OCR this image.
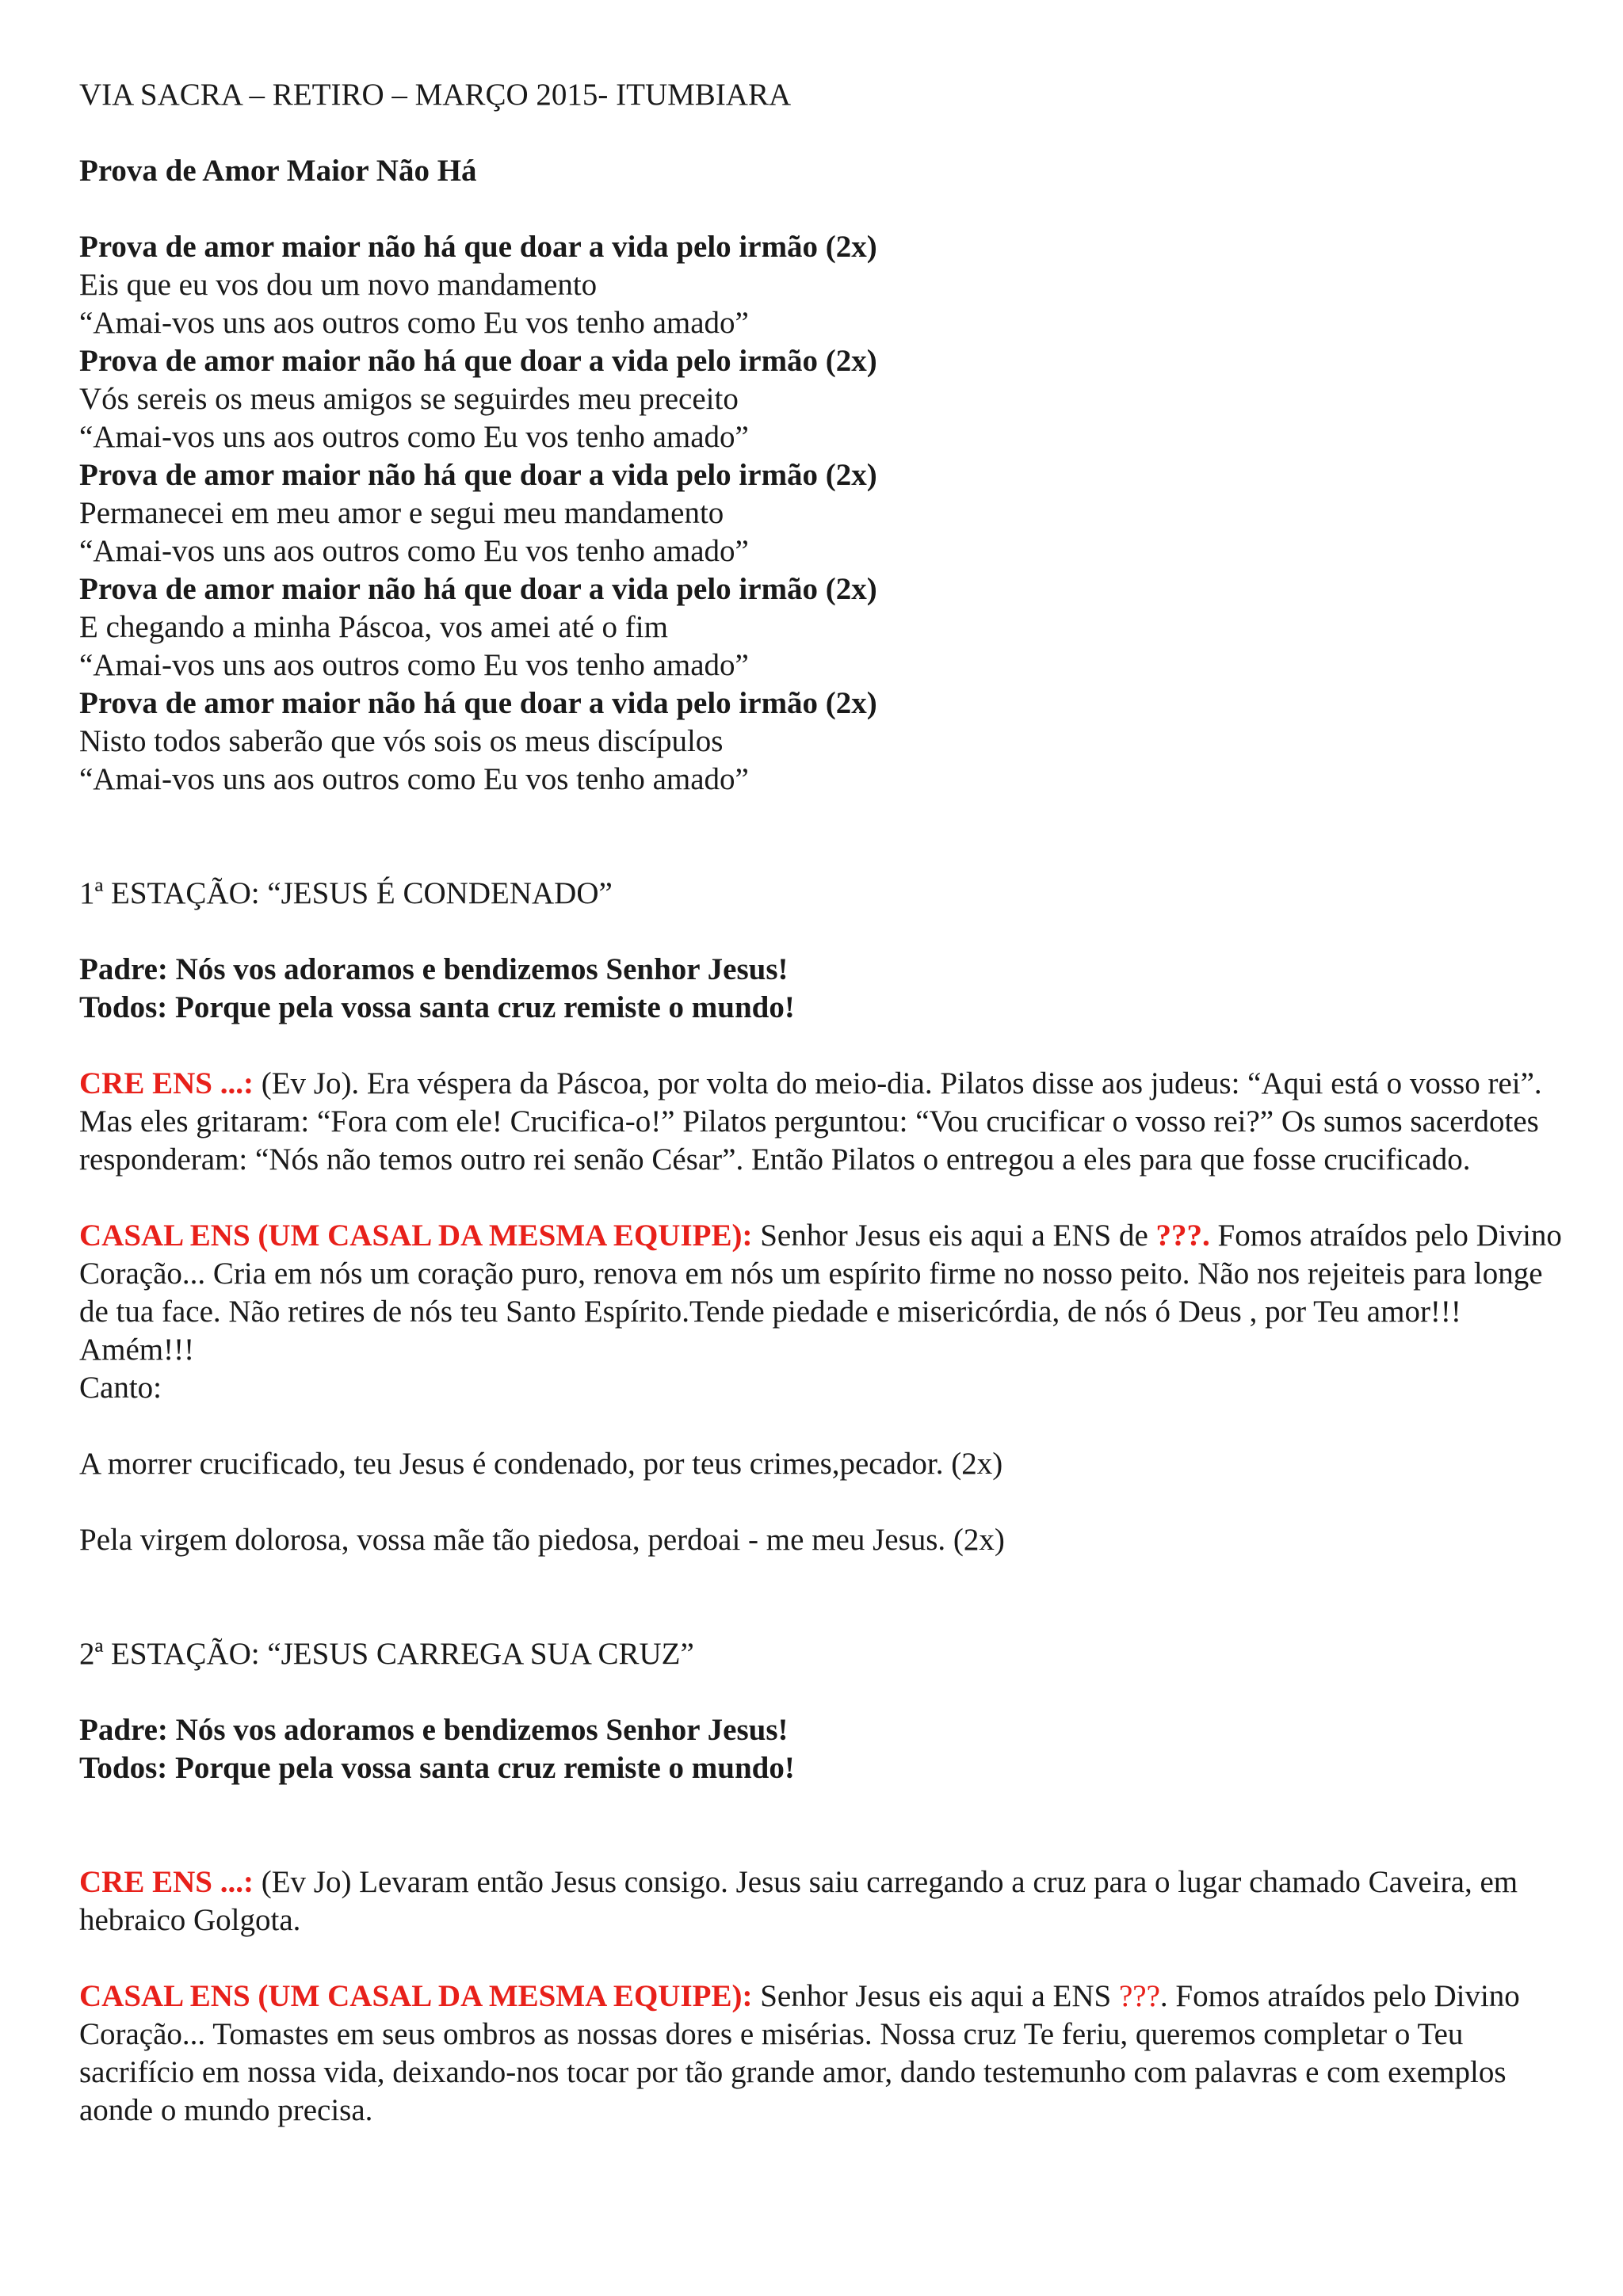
VIA SACRA – RETIRO – MARÇO 2015- ITUMBIARA
Prova de Amor Maior Não Há
Prova de amor maior não há que doar a vida pelo irmão (2x)
Eis que eu vos dou um novo mandamento
“Amai-vos uns aos outros como Eu vos tenho amado”
Prova de amor maior não há que doar a vida pelo irmão (2x)
Vós sereis os meus amigos se seguirdes meu preceito
“Amai-vos uns aos outros como Eu vos tenho amado”
Prova de amor maior não há que doar a vida pelo irmão (2x)
Permanecei em meu amor e segui meu mandamento
“Amai-vos uns aos outros como Eu vos tenho amado”
Prova de amor maior não há que doar a vida pelo irmão (2x)
E chegando a minha Páscoa, vos amei até o fim
“Amai-vos uns aos outros como Eu vos tenho amado”
Prova de amor maior não há que doar a vida pelo irmão (2x)
Nisto todos saberão que vós sois os meus discípulos
“Amai-vos uns aos outros como Eu vos tenho amado”
1ª ESTAÇÃO: “JESUS É CONDENADO”
Padre: Nós vos adoramos e bendizemos Senhor Jesus!
Todos: Porque pela vossa santa cruz remiste o mundo!
CRE ENS ...: (Ev Jo). Era véspera da Páscoa, por volta do meio-dia. Pilatos disse aos judeus: “Aqui está o vosso rei”. Mas eles gritaram: “Fora com ele! Crucifica-o!” Pilatos perguntou: “Vou crucificar o vosso rei?” Os sumos sacerdotes responderam: “Nós não temos outro rei senão César”. Então Pilatos o entregou a eles para que fosse crucificado.
CASAL ENS (UM CASAL DA MESMA EQUIPE): Senhor Jesus eis aqui a ENS de ???. Fomos atraídos pelo Divino Coração... Cria em nós um coração puro, renova em nós um espírito firme no nosso peito. Não nos rejeiteis para longe de tua face. Não retires de nós teu Santo Espírito.Tende piedade e misericórdia, de nós ó Deus , por Teu amor!!! Amém!!!
Canto:
A morrer crucificado, teu Jesus é condenado, por teus crimes,pecador. (2x)
Pela virgem dolorosa, vossa mãe tão piedosa, perdoai - me meu Jesus. (2x)
2ª ESTAÇÃO: “JESUS CARREGA SUA CRUZ”
Padre: Nós vos adoramos e bendizemos Senhor Jesus!
Todos: Porque pela vossa santa cruz remiste o mundo!
CRE ENS ...: (Ev Jo) Levaram então Jesus consigo. Jesus saiu carregando a cruz para o lugar chamado Caveira, em hebraico Golgota.
CASAL ENS (UM CASAL DA MESMA EQUIPE): Senhor Jesus eis aqui a ENS ???. Fomos atraídos pelo Divino Coração... Tomastes em seus ombros as nossas dores e misérias. Nossa cruz Te feriu, queremos completar o Teu sacrifício em nossa vida, deixando-nos tocar por tão grande amor, dando testemunho com palavras e com exemplos aonde o mundo precisa.
